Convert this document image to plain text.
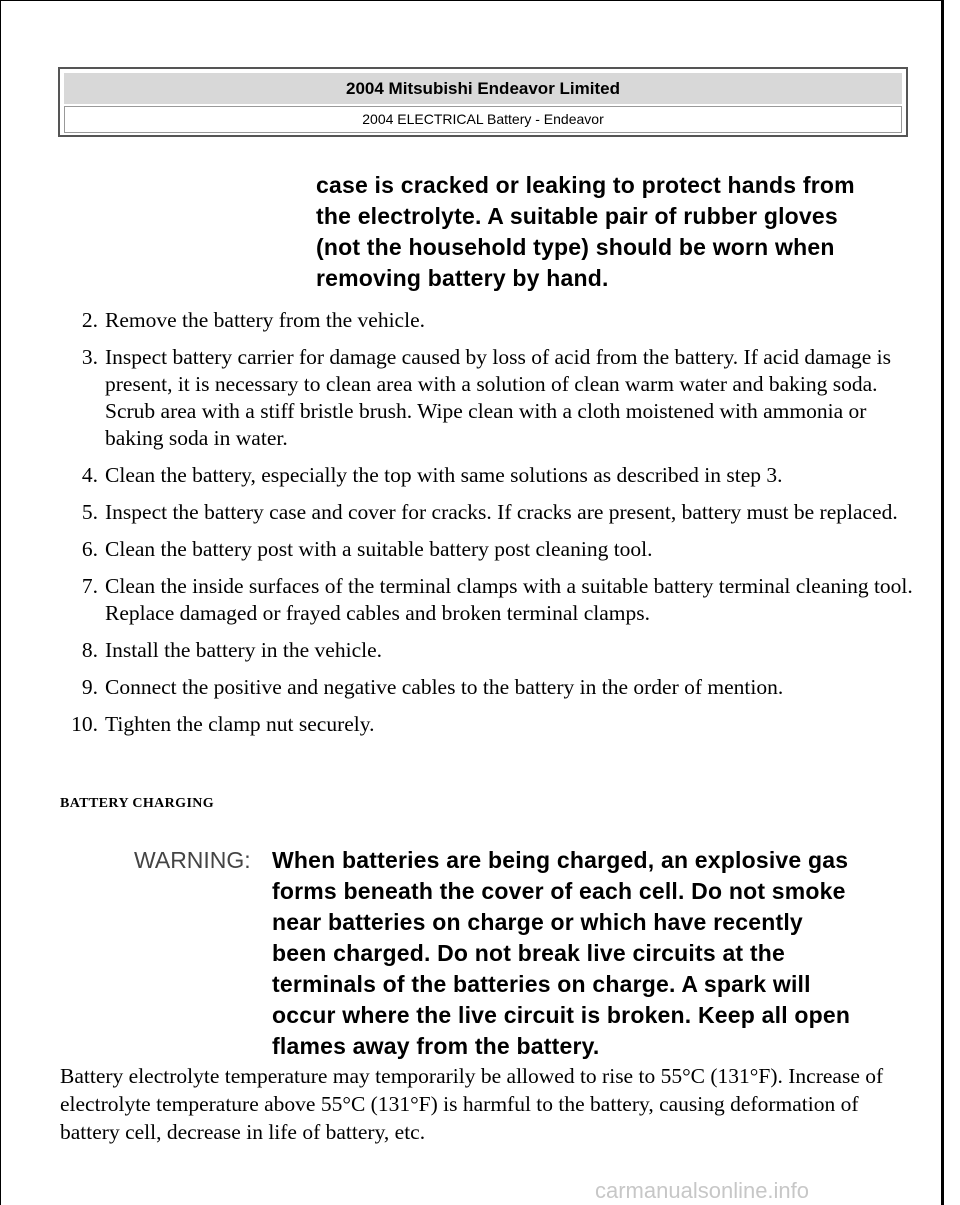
2004 Mitsubishi Endeavor Limited
2004 ELECTRICAL Battery - Endeavor
case is cracked or leaking to protect hands from
the electrolyte. A suitable pair of rubber gloves
(not the household type) should be worn when
removing battery by hand.
2. Remove the battery from the vehicle.
3. Inspect battery carrier for damage caused by loss of acid from the battery. If acid damage is present, it is necessary to clean area with a solution of clean warm water and baking soda. Scrub area with a stiff bristle brush. Wipe clean with a cloth moistened with ammonia or baking soda in water.
4. Clean the battery, especially the top with same solutions as described in step 3.
5. Inspect the battery case and cover for cracks. If cracks are present, battery must be replaced.
6. Clean the battery post with a suitable battery post cleaning tool.
7. Clean the inside surfaces of the terminal clamps with a suitable battery terminal cleaning tool. Replace damaged or frayed cables and broken terminal clamps.
8. Install the battery in the vehicle.
9. Connect the positive and negative cables to the battery in the order of mention.
10. Tighten the clamp nut securely.
BATTERY CHARGING
WARNING: When batteries are being charged, an explosive gas
forms beneath the cover of each cell. Do not smoke
near batteries on charge or which have recently
been charged. Do not break live circuits at the
terminals of the batteries on charge. A spark will
occur where the live circuit is broken. Keep all open
flames away from the battery.
Battery electrolyte temperature may temporarily be allowed to rise to 55°C (131°F). Increase of electrolyte temperature above 55°C (131°F) is harmful to the battery, causing deformation of battery cell, decrease in life of battery, etc.
carmanualsonline.info
